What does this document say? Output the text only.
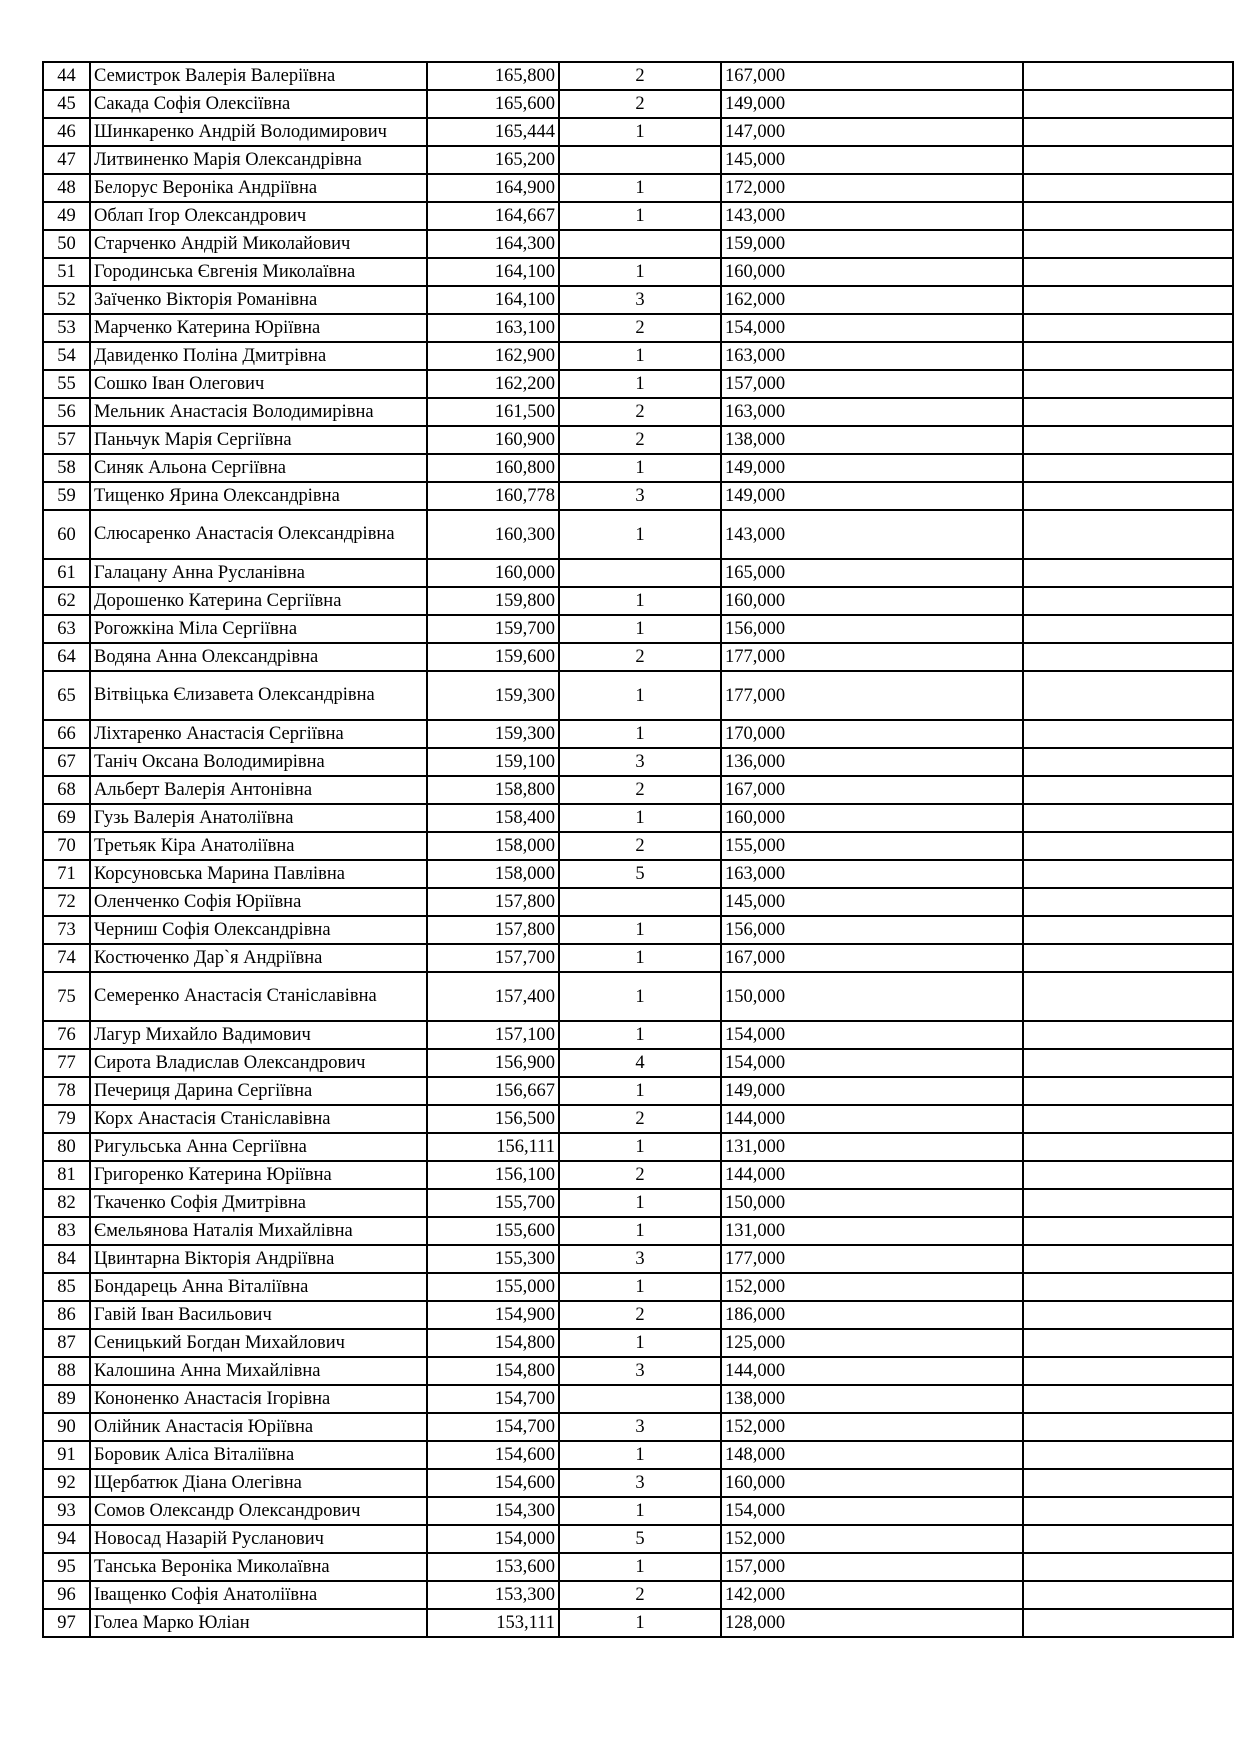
44	Семистрок Валерія Валеріївна	165,800	2	167,000	
45	Сакада Софія Олексіївна	165,600	2	149,000	
46	Шинкаренко Андрій Володимирович	165,444	1	147,000	
47	Литвиненко Марія Олександрівна	165,200		145,000	
48	Белорус Вероніка Андріївна	164,900	1	172,000	
49	Облап Ігор Олександрович	164,667	1	143,000	
50	Старченко Андрій Миколайович	164,300		159,000	
51	Городинська Євгенія Миколаївна	164,100	1	160,000	
52	Заїченко Вікторія Романівна	164,100	3	162,000	
53	Марченко Катерина Юріївна	163,100	2	154,000	
54	Давиденко Поліна Дмитрівна	162,900	1	163,000	
55	Сошко Іван Олегович	162,200	1	157,000	
56	Мельник Анастасія Володимирівна	161,500	2	163,000	
57	Паньчук Марія Сергіївна	160,900	2	138,000	
58	Синяк Альона Сергіївна	160,800	1	149,000	
59	Тищенко Ярина Олександрівна	160,778	3	149,000	
60	Слюсаренко Анастасія Олександрівна	160,300	1	143,000	
61	Галацану Анна Русланівна	160,000		165,000	
62	Дорошенко Катерина Сергіївна	159,800	1	160,000	
63	Рогожкіна Міла Сергіївна	159,700	1	156,000	
64	Водяна Анна Олександрівна	159,600	2	177,000	
65	Вітвіцька Єлизавета Олександрівна	159,300	1	177,000	
66	Ліхтаренко Анастасія Сергіївна	159,300	1	170,000	
67	Таніч Оксана Володимирівна	159,100	3	136,000	
68	Альберт Валерія Антонівна	158,800	2	167,000	
69	Гузь Валерія Анатоліївна	158,400	1	160,000	
70	Третьяк Кіра Анатоліївна	158,000	2	155,000	
71	Корсуновська Марина Павлівна	158,000	5	163,000	
72	Оленченко Софія Юріївна	157,800		145,000	
73	Черниш Софія Олександрівна	157,800	1	156,000	
74	Костюченко Дар`я Андріївна	157,700	1	167,000	
75	Семеренко Анастасія Станіславівна	157,400	1	150,000	
76	Лагур Михайло Вадимович	157,100	1	154,000	
77	Сирота Владислав Олександрович	156,900	4	154,000	
78	Печериця Дарина Сергіївна	156,667	1	149,000	
79	Корх Анастасія Станіславівна	156,500	2	144,000	
80	Ригульська Анна Сергіївна	156,111	1	131,000	
81	Григоренко Катерина Юріївна	156,100	2	144,000	
82	Ткаченко Софія Дмитрівна	155,700	1	150,000	
83	Ємельянова Наталія Михайлівна	155,600	1	131,000	
84	Цвинтарна Вікторія Андріївна	155,300	3	177,000	
85	Бондарець Анна Віталіївна	155,000	1	152,000	
86	Гавій Іван Васильович	154,900	2	186,000	
87	Сеницький Богдан Михайлович	154,800	1	125,000	
88	Калошина Анна Михайлівна	154,800	3	144,000	
89	Кононенко Анастасія Ігорівна	154,700		138,000	
90	Олійник Анастасія Юріївна	154,700	3	152,000	
91	Боровик Аліса Віталіївна	154,600	1	148,000	
92	Щербатюк Діана Олегівна	154,600	3	160,000	
93	Сомов Олександр Олександрович	154,300	1	154,000	
94	Новосад Назарій Русланович	154,000	5	152,000	
95	Танська Вероніка Миколаївна	153,600	1	157,000	
96	Іващенко Софія Анатоліївна	153,300	2	142,000	
97	Голеа Марко Юліан	153,111	1	128,000	
